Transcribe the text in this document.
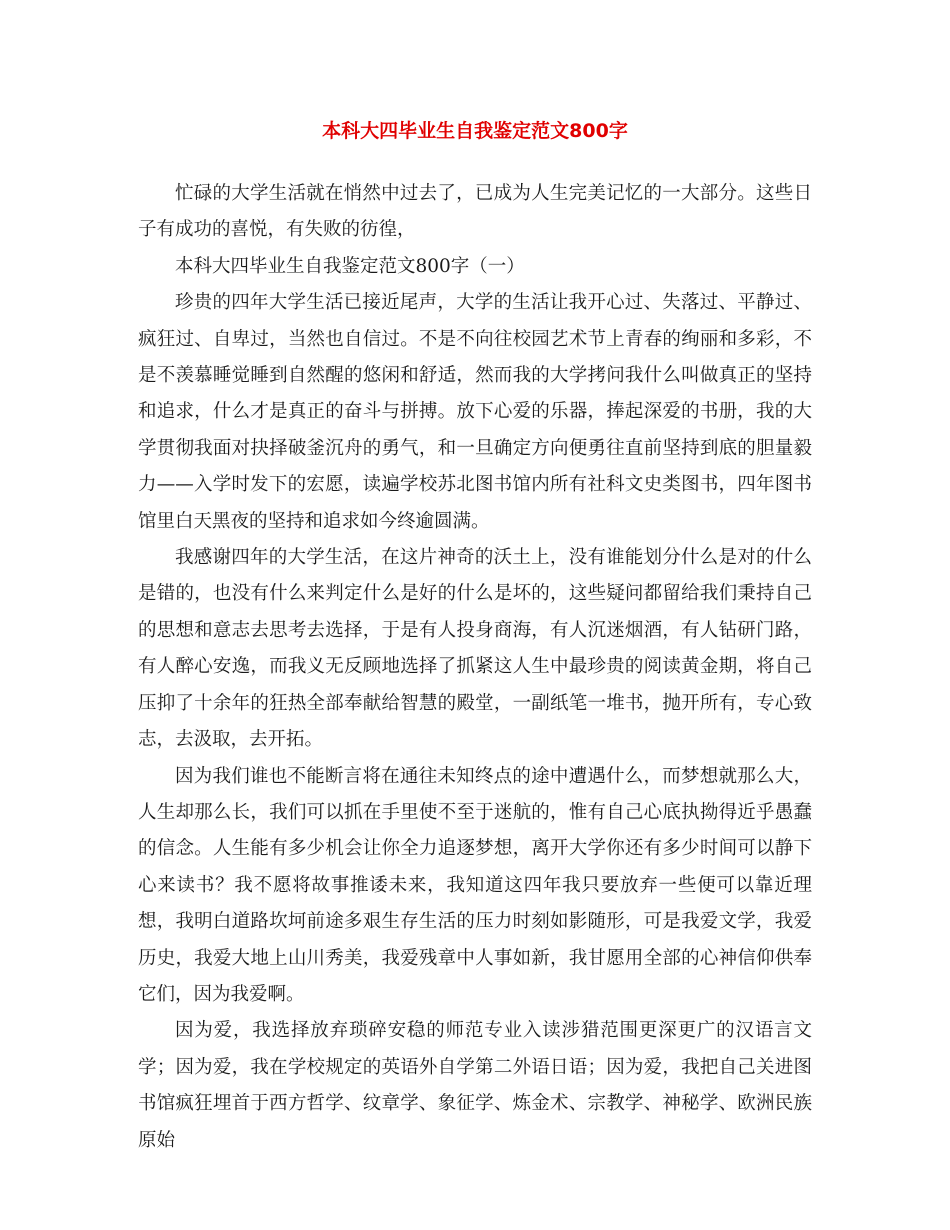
本科大四毕业生自我鉴定范文800字

忙碌的大学生活就在悄然中过去了，已成为人生完美记忆的一大部分。这些日子有成功的喜悦，有失败的彷徨，

本科大四毕业生自我鉴定范文800字（一）

珍贵的四年大学生活已接近尾声，大学的生活让我开心过、失落过、平静过、疯狂过、自卑过，当然也自信过。不是不向往校园艺术节上青春的绚丽和多彩，不是不羡慕睡觉睡到自然醒的悠闲和舒适，然而我的大学拷问我什么叫做真正的坚持和追求，什么才是真正的奋斗与拼搏。放下心爱的乐器，捧起深爱的书册，我的大学贯彻我面对抉择破釜沉舟的勇气，和一旦确定方向便勇往直前坚持到底的胆量毅力——入学时发下的宏愿，读遍学校苏北图书馆内所有社科文史类图书，四年图书馆里白天黑夜的坚持和追求如今终逾圆满。

我感谢四年的大学生活，在这片神奇的沃土上，没有谁能划分什么是对的什么是错的，也没有什么来判定什么是好的什么是坏的，这些疑问都留给我们秉持自己的思想和意志去思考去选择，于是有人投身商海，有人沉迷烟酒，有人钻研门路，有人醉心安逸，而我义无反顾地选择了抓紧这人生中最珍贵的阅读黄金期，将自己压抑了十余年的狂热全部奉献给智慧的殿堂，一副纸笔一堆书，抛开所有，专心致志，去汲取，去开拓。

因为我们谁也不能断言将在通往未知终点的途中遭遇什么，而梦想就那么大，人生却那么长，我们可以抓在手里使不至于迷航的，惟有自己心底执拗得近乎愚蠢的信念。人生能有多少机会让你全力追逐梦想，离开大学你还有多少时间可以静下心来读书？我不愿将故事推诿未来，我知道这四年我只要放弃一些便可以靠近理想，我明白道路坎坷前途多艰生存生活的压力时刻如影随形，可是我爱文学，我爱历史，我爱大地上山川秀美，我爱残章中人事如新，我甘愿用全部的心神信仰供奉它们，因为我爱啊。

因为爱，我选择放弃琐碎安稳的师范专业入读涉猎范围更深更广的汉语言文学；因为爱，我在学校规定的英语外自学第二外语日语；因为爱，我把自己关进图书馆疯狂埋首于西方哲学、纹章学、象征学、炼金术、宗教学、神秘学、欧洲民族原始
